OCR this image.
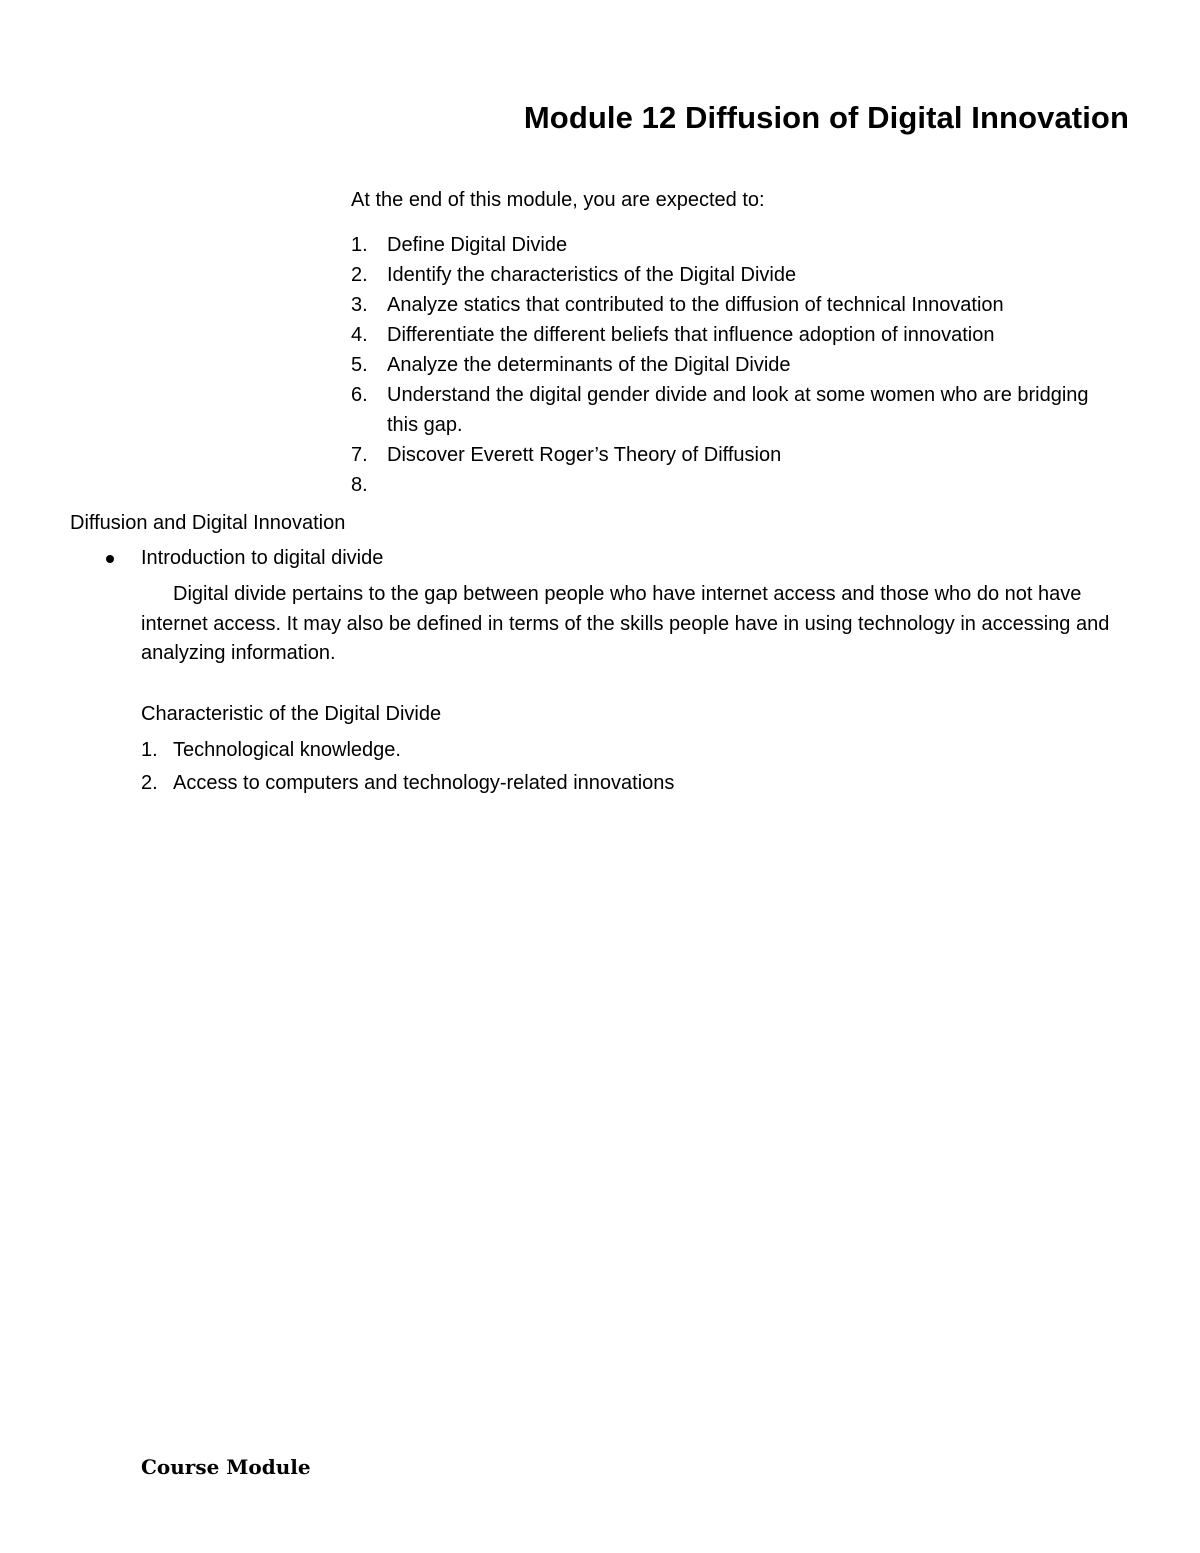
Module 12 Diffusion of Digital Innovation
At the end of this module, you are expected to:
1. Define Digital Divide
2. Identify the characteristics of the Digital Divide
3. Analyze statics that contributed to the diffusion of technical Innovation
4. Differentiate the different beliefs that influence adoption of innovation
5. Analyze the determinants of the Digital Divide
6. Understand the digital gender divide and look at some women who are bridging this gap.
7. Discover Everett Roger’s Theory of Diffusion
8.
Diffusion and Digital Innovation
Introduction to digital divide

Digital divide pertains to the gap between people who have internet access and those who do not have internet access. It may also be defined in terms of the skills people have in using technology in accessing and analyzing information.

Characteristic of the Digital Divide
1. Technological knowledge.
2. Access to computers and technology-related innovations
Course Module
